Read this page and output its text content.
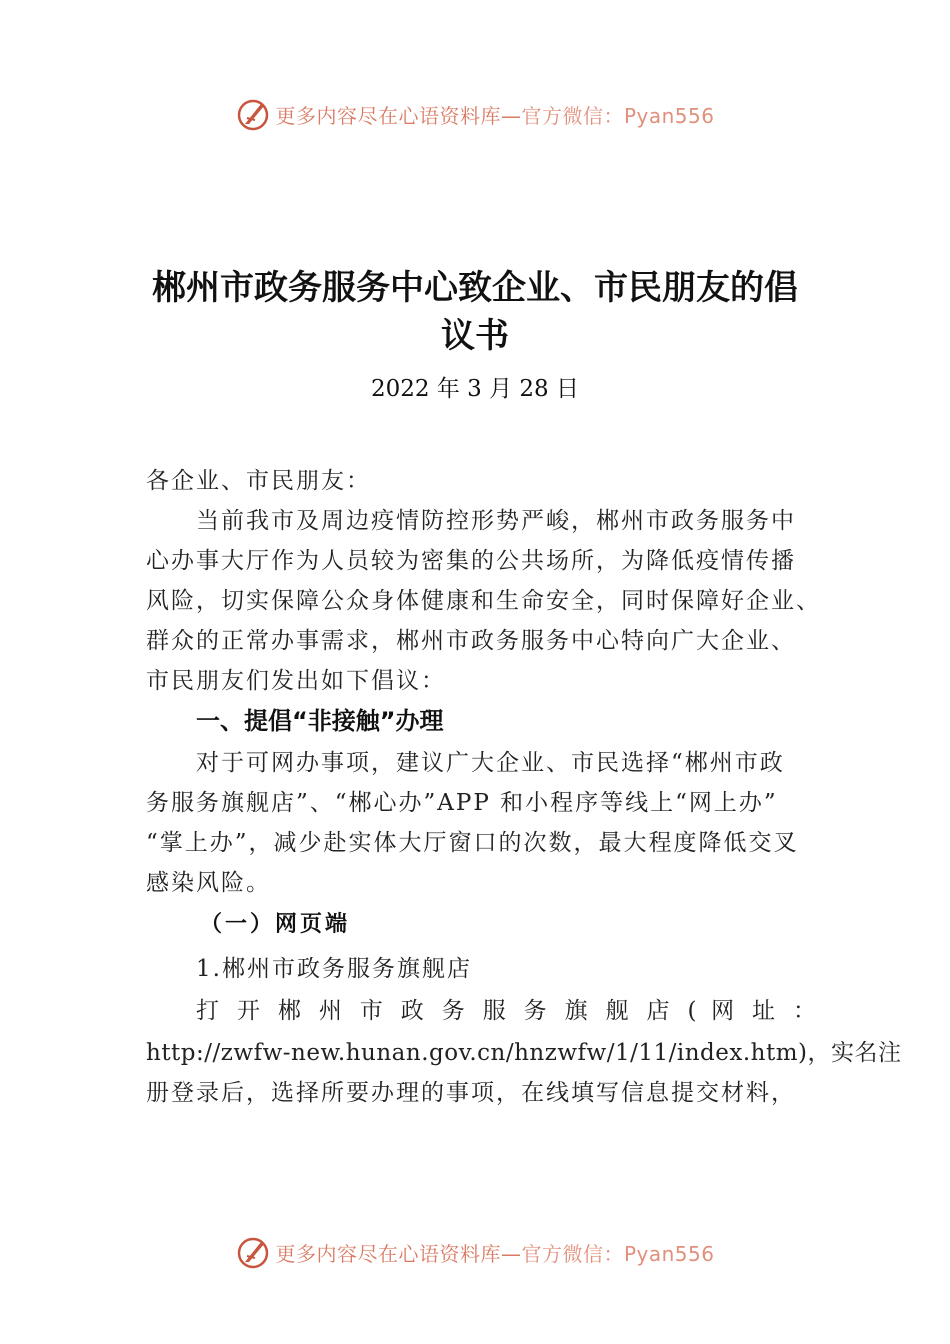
更多内容尽在心语资料库—官方微信：Pyan556
郴州市政务服务中心致企业、市民朋友的倡
议书
2022 年 3 月 28 日
各企业、市民朋友：
当前我市及周边疫情防控形势严峻，郴州市政务服务中
心办事大厅作为人员较为密集的公共场所，为降低疫情传播
风险，切实保障公众身体健康和生命安全，同时保障好企业、
群众的正常办事需求，郴州市政务服务中心特向广大企业、
市民朋友们发出如下倡议：
一、提倡“非接触”办理
对于可网办事项，建议广大企业、市民选择“郴州市政
务服务旗舰店”、“郴心办”APP 和小程序等线上“网上办”
“掌上办”，减少赴实体大厅窗口的次数，最大程度降低交叉
感染风险。
（一）网页端
1.郴州市政务服务旗舰店
打 开 郴 州 市 政 务 服 务 旗 舰 店 ( 网 址 ：
http://zwfw-new.hunan.gov.cn/hnzwfw/1/11/index.htm)，实名注
册登录后，选择所要办理的事项，在线填写信息提交材料，
更多内容尽在心语资料库—官方微信：Pyan556
